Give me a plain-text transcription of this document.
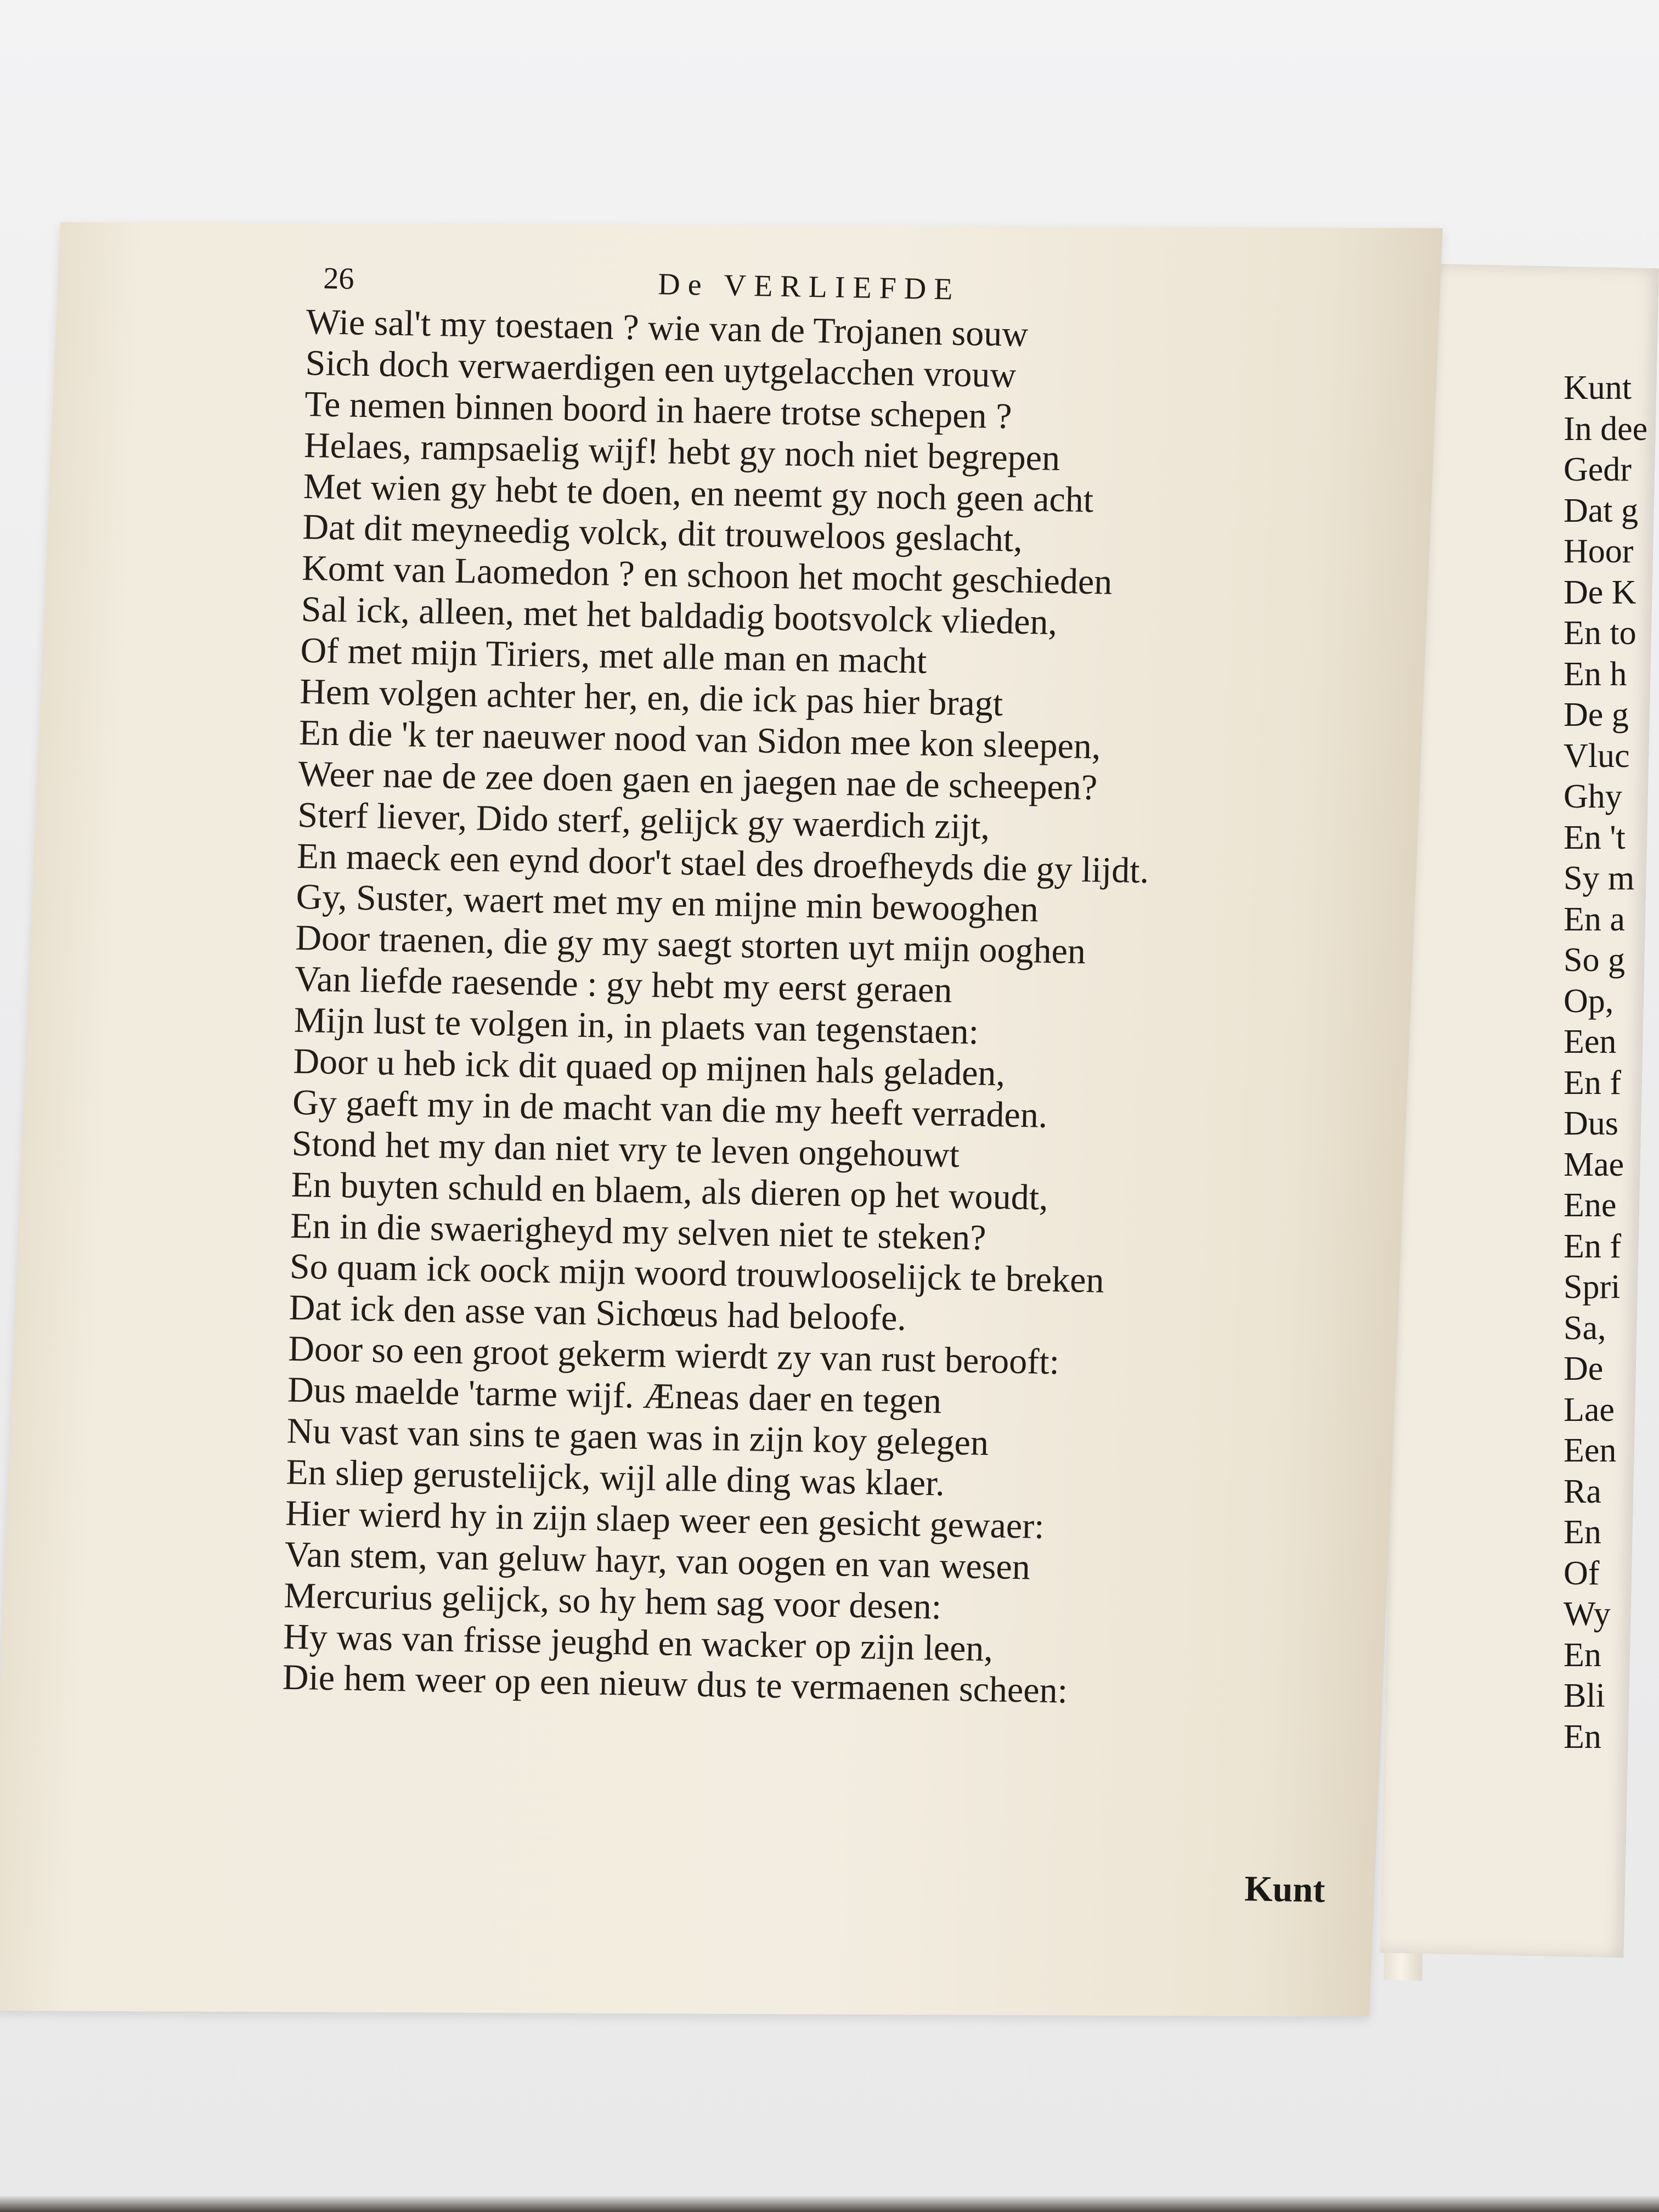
Kunt
In dee
Gedr
Dat g
Hoor
De K
En to
En h
De g
Vluc
Ghy
En 't
Sy m
En a
So g
Op,
Een
En f
Dus
Mae
Ene
En f
Spri
Sa,
De
Lae
Een
Ra
En
Of
Wy
En
Bli
En
26	De VERLIEFDE
Wie sal't my toestaen ? wie van de Trojanen souw
Sich doch verwaerdigen een uytgelacchen vrouw
Te nemen binnen boord in haere trotse schepen ?
Helaes, rampsaelig wijf! hebt gy noch niet begrepen
Met wien gy hebt te doen, en neemt gy noch geen acht
Dat dit meyneedig volck, dit trouweloos geslacht,
Komt van Laomedon ? en schoon het mocht geschieden
Sal ick, alleen, met het baldadig bootsvolck vlieden,
Of met mijn Tiriers, met alle man en macht
Hem volgen achter her, en, die ick pas hier bragt
En die 'k ter naeuwer nood van Sidon mee kon sleepen,
Weer nae de zee doen gaen en jaegen nae de scheepen?
Sterf liever, Dido sterf, gelijck gy waerdich zijt,
En maeck een eynd door't stael des droefheyds die gy lijdt.
Gy, Suster, waert met my en mijne min bewooghen
Door traenen, die gy my saegt storten uyt mijn ooghen
Van liefde raesende : gy hebt my eerst geraen
Mijn lust te volgen in, in plaets van tegenstaen:
Door u heb ick dit quaed op mijnen hals geladen,
Gy gaeft my in de macht van die my heeft verraden.
Stond het my dan niet vry te leven ongehouwt
En buyten schuld en blaem, als dieren op het woudt,
En in die swaerigheyd my selven niet te steken?
So quam ick oock mijn woord trouwlooselijck te breken
Dat ick den asse van Sichœus had beloofe.
Door so een groot gekerm wierdt zy van rust berooft:
Dus maelde 'tarme wijf. Æneas daer en tegen
Nu vast van sins te gaen was in zijn koy gelegen
En sliep gerustelijck, wijl alle ding was klaer.
Hier wierd hy in zijn slaep weer een gesicht gewaer:
Van stem, van geluw hayr, van oogen en van wesen
Mercurius gelijck, so hy hem sag voor desen:
Hy was van frisse jeughd en wacker op zijn leen,
Die hem weer op een nieuw dus te vermaenen scheen:
Kunt
